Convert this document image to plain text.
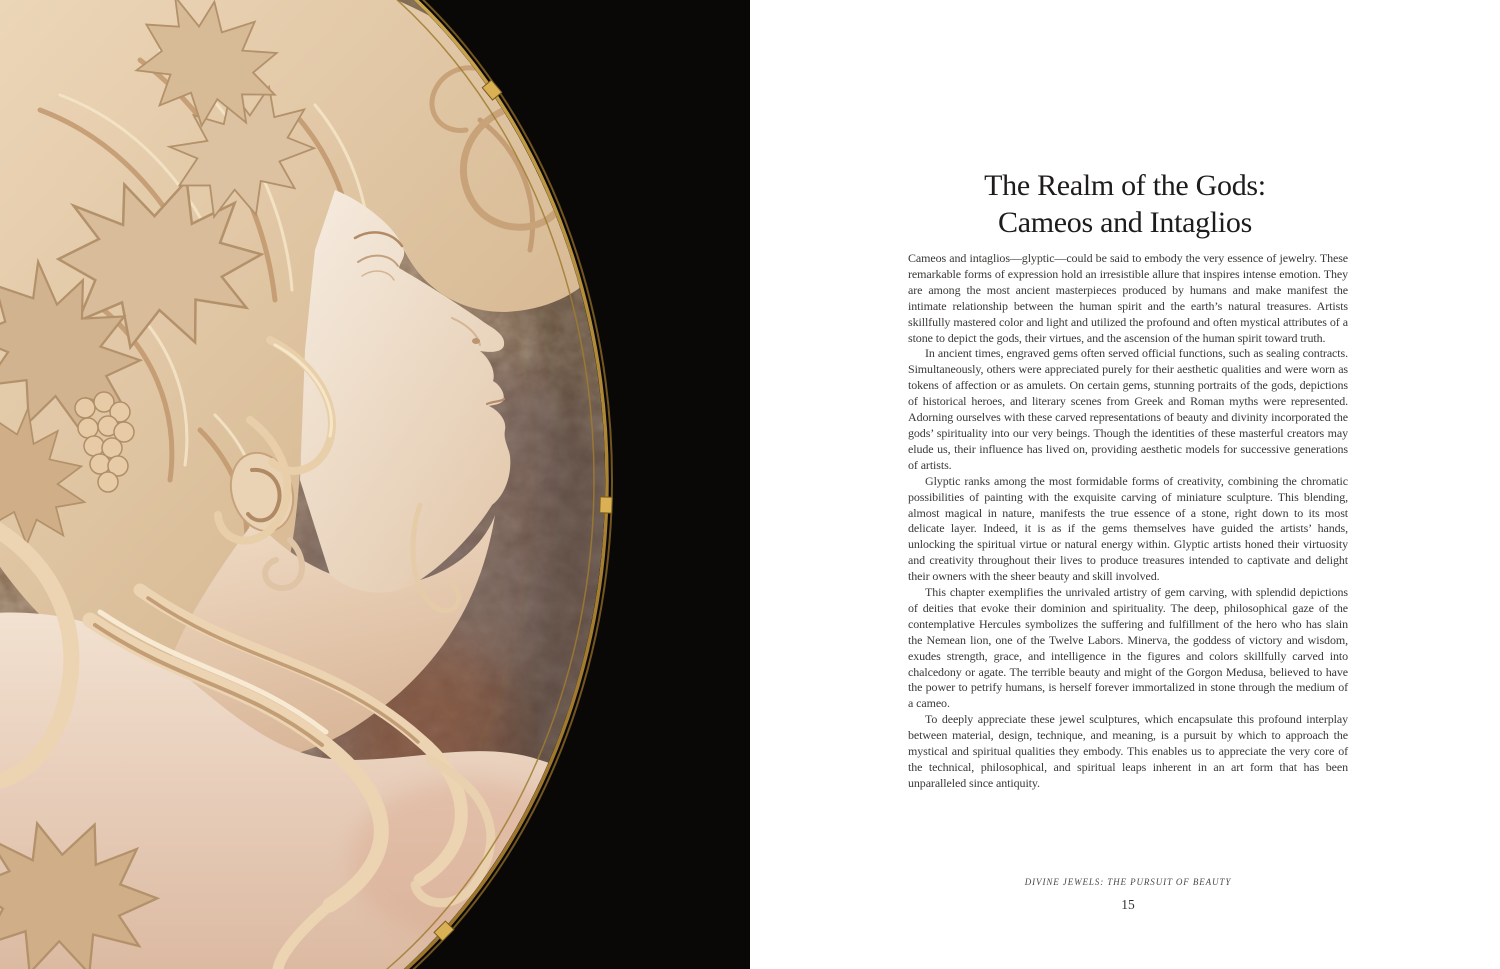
The Realm of the Gods:
Cameos and Intaglios

Cameos and intaglios—glyptic—could be said to embody the very essence of jewelry. These remarkable forms of expression hold an irresistible allure that inspires intense emotion. They are among the most ancient masterpieces produced by humans and make manifest the intimate relationship between the human spirit and the earth’s natural treasures. Artists skillfully mastered color and light and utilized the profound and often mystical attributes of a stone to depict the gods, their virtues, and the ascension of the human spirit toward truth.

In ancient times, engraved gems often served official functions, such as sealing contracts. Simultaneously, others were appreciated purely for their aesthetic qualities and were worn as tokens of affection or as amulets. On certain gems, stunning portraits of the gods, depictions of historical heroes, and literary scenes from Greek and Roman myths were represented. Adorning ourselves with these carved representations of beauty and divinity incorporated the gods’ spirituality into our very beings. Though the identities of these masterful creators may elude us, their influence has lived on, providing aesthetic models for successive generations of artists.

Glyptic ranks among the most formidable forms of creativity, combining the chromatic possibilities of painting with the exquisite carving of miniature sculpture. This blending, almost magical in nature, manifests the true essence of a stone, right down to its most delicate layer. Indeed, it is as if the gems themselves have guided the artists’ hands, unlocking the spiritual virtue or natural energy within. Glyptic artists honed their virtuosity and creativity throughout their lives to produce treasures intended to captivate and delight their owners with the sheer beauty and skill involved.

This chapter exemplifies the unrivaled artistry of gem carving, with splendid depictions of deities that evoke their dominion and spirituality. The deep, philosophical gaze of the contemplative Hercules symbolizes the suffering and fulfillment of the hero who has slain the Nemean lion, one of the Twelve Labors. Minerva, the goddess of victory and wisdom, exudes strength, grace, and intelligence in the figures and colors skillfully carved into chalcedony or agate. The terrible beauty and might of the Gorgon Medusa, believed to have the power to petrify humans, is herself forever immortalized in stone through the medium of a cameo.

To deeply appreciate these jewel sculptures, which encapsulate this profound interplay between material, design, technique, and meaning, is a pursuit by which to approach the mystical and spiritual qualities they embody. This enables us to appreciate the very core of the technical, philosophical, and spiritual leaps inherent in an art form that has been unparalleled since antiquity.

DIVINE JEWELS: THE PURSUIT OF BEAUTY
15
